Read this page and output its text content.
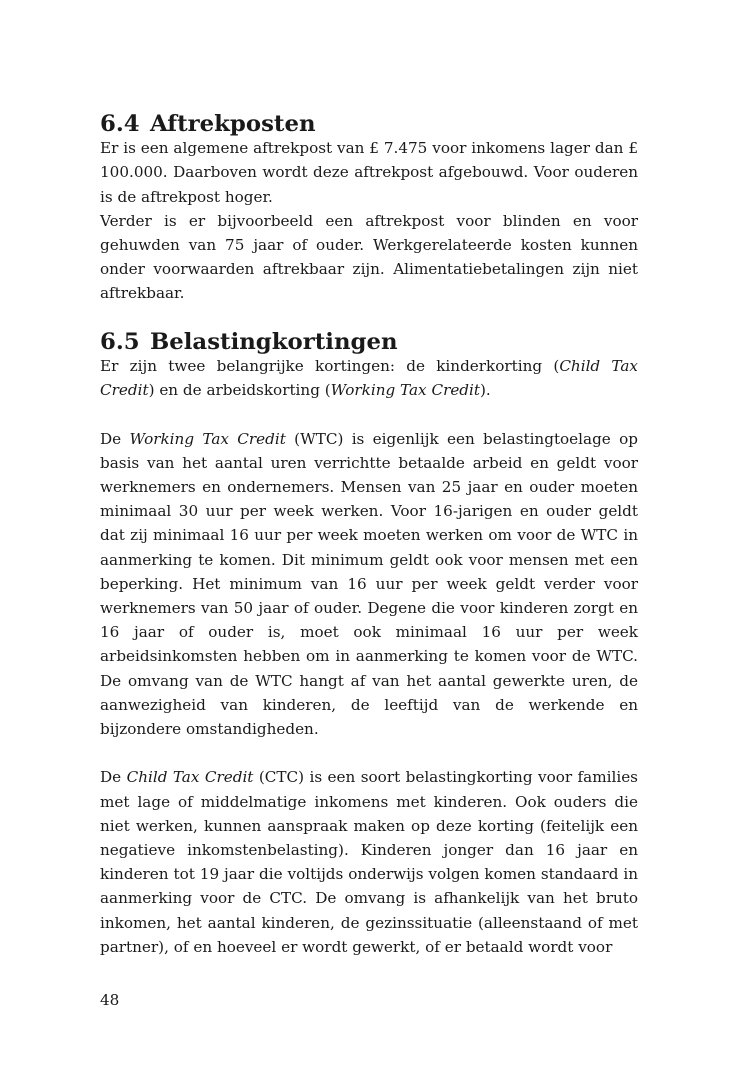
6.4 Aftrekposten

Er is een algemene aftrekpost van £ 7.475 voor inkomens lager dan £ 100.000. Daarboven wordt deze aftrekpost afgebouwd. Voor ouderen is de aftrekpost hoger.

Verder is er bijvoorbeeld een aftrekpost voor blinden en voor gehuwden van 75 jaar of ouder. Werkgerelateerde kosten kunnen onder voorwaarden aftrekbaar zijn. Alimentatiebetalingen zijn niet aftrekbaar.

6.5 Belastingkortingen

Er zijn twee belangrijke kortingen: de kinderkorting (Child Tax Credit) en de arbeidskorting (Working Tax Credit).

De Working Tax Credit (WTC) is eigenlijk een belastingtoelage op basis van het aantal uren verrichtte betaalde arbeid en geldt voor werknemers en ondernemers. Mensen van 25 jaar en ouder moeten minimaal 30 uur per week werken. Voor 16-jarigen en ouder geldt dat zij minimaal 16 uur per week moeten werken om voor de WTC in aanmerking te komen. Dit minimum geldt ook voor mensen met een beperking. Het minimum van 16 uur per week geldt verder voor werknemers van 50 jaar of ouder. Degene die voor kinderen zorgt en 16 jaar of ouder is, moet ook minimaal 16 uur per week arbeidsinkomsten hebben om in aanmerking te komen voor de WTC. De omvang van de WTC hangt af van het aantal gewerkte uren, de aanwezigheid van kinderen, de leeftijd van de werkende en bijzondere omstandigheden.

De Child Tax Credit (CTC) is een soort belastingkorting voor families met lage of middelmatige inkomens met kinderen. Ook ouders die niet werken, kunnen aanspraak maken op deze korting (feitelijk een negatieve inkomstenbelasting). Kinderen jonger dan 16 jaar en kinderen tot 19 jaar die voltijds onderwijs volgen komen standaard in aanmerking voor de CTC. De omvang is afhankelijk van het bruto inkomen, het aantal kinderen, de gezinssituatie (alleenstaand of met partner), of en hoeveel er wordt gewerkt, of er betaald wordt voor

48
